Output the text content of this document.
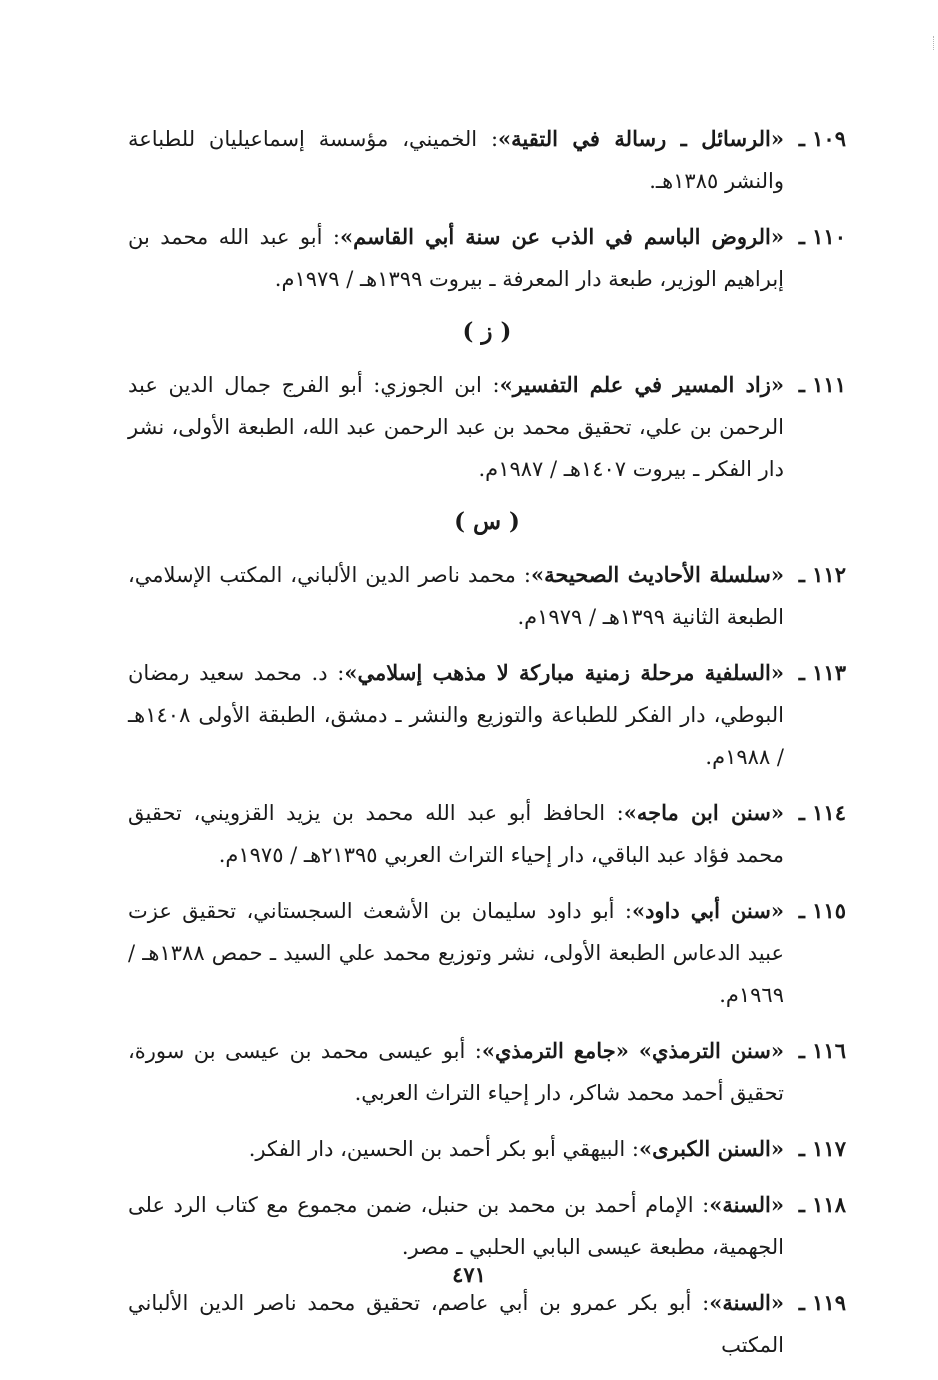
١٠٩ ـ
«الرسائل ـ رسالة في التقية»: الخميني، مؤسسة إسماعيليان للطباعة والنشر ١٣٨٥هـ.
١١٠ ـ
«الروض الباسم في الذب عن سنة أبي القاسم»: أبو عبد الله محمد بن إبراهيم الوزير، طبعة دار المعرفة ـ بيروت ١٣٩٩هـ / ١٩٧٩م.
( ز )
١١١ ـ
«زاد المسير في علم التفسير»: ابن الجوزي: أبو الفرج جمال الدين عبد الرحمن بن علي، تحقيق محمد بن عبد الرحمن عبد الله، الطبعة الأولى، نشر دار الفكر ـ بيروت ١٤٠٧هـ / ١٩٨٧م.
( س )
١١٢ ـ
«سلسلة الأحاديث الصحيحة»: محمد ناصر الدين الألباني، المكتب الإسلامي، الطبعة الثانية ١٣٩٩هـ / ١٩٧٩م.
١١٣ ـ
«السلفية مرحلة زمنية مباركة لا مذهب إسلامي»: د. محمد سعيد رمضان البوطي، دار الفكر للطباعة والتوزيع والنشر ـ دمشق، الطبقة الأولى ١٤٠٨هـ / ١٩٨٨م.
١١٤ ـ
«سنن ابن ماجه»: الحافظ أبو عبد الله محمد بن يزيد القزويني، تحقيق محمد فؤاد عبد الباقي، دار إحياء التراث العربي ٢١٣٩٥هـ / ١٩٧٥م.
١١٥ ـ
«سنن أبي داود»: أبو داود سليمان بن الأشعث السجستاني، تحقيق عزت عبيد الدعاس الطبعة الأولى، نشر وتوزيع محمد علي السيد ـ حمص ١٣٨٨هـ / ١٩٦٩م.
١١٦ ـ
«سنن الترمذي» «جامع الترمذي»: أبو عيسى محمد بن عيسى بن سورة، تحقيق أحمد محمد شاكر، دار إحياء التراث العربي.
١١٧ ـ
«السنن الكبرى»: البيهقي أبو بكر أحمد بن الحسين، دار الفكر.
١١٨ ـ
«السنة»: الإمام أحمد بن محمد بن حنبل، ضمن مجموع مع كتاب الرد على الجهمية، مطبعة عيسى البابي الحلبي ـ مصر.
١١٩ ـ
«السنة»: أبو بكر عمرو بن أبي عاصم، تحقيق محمد ناصر الدين الألباني المكتب
٤٧١
